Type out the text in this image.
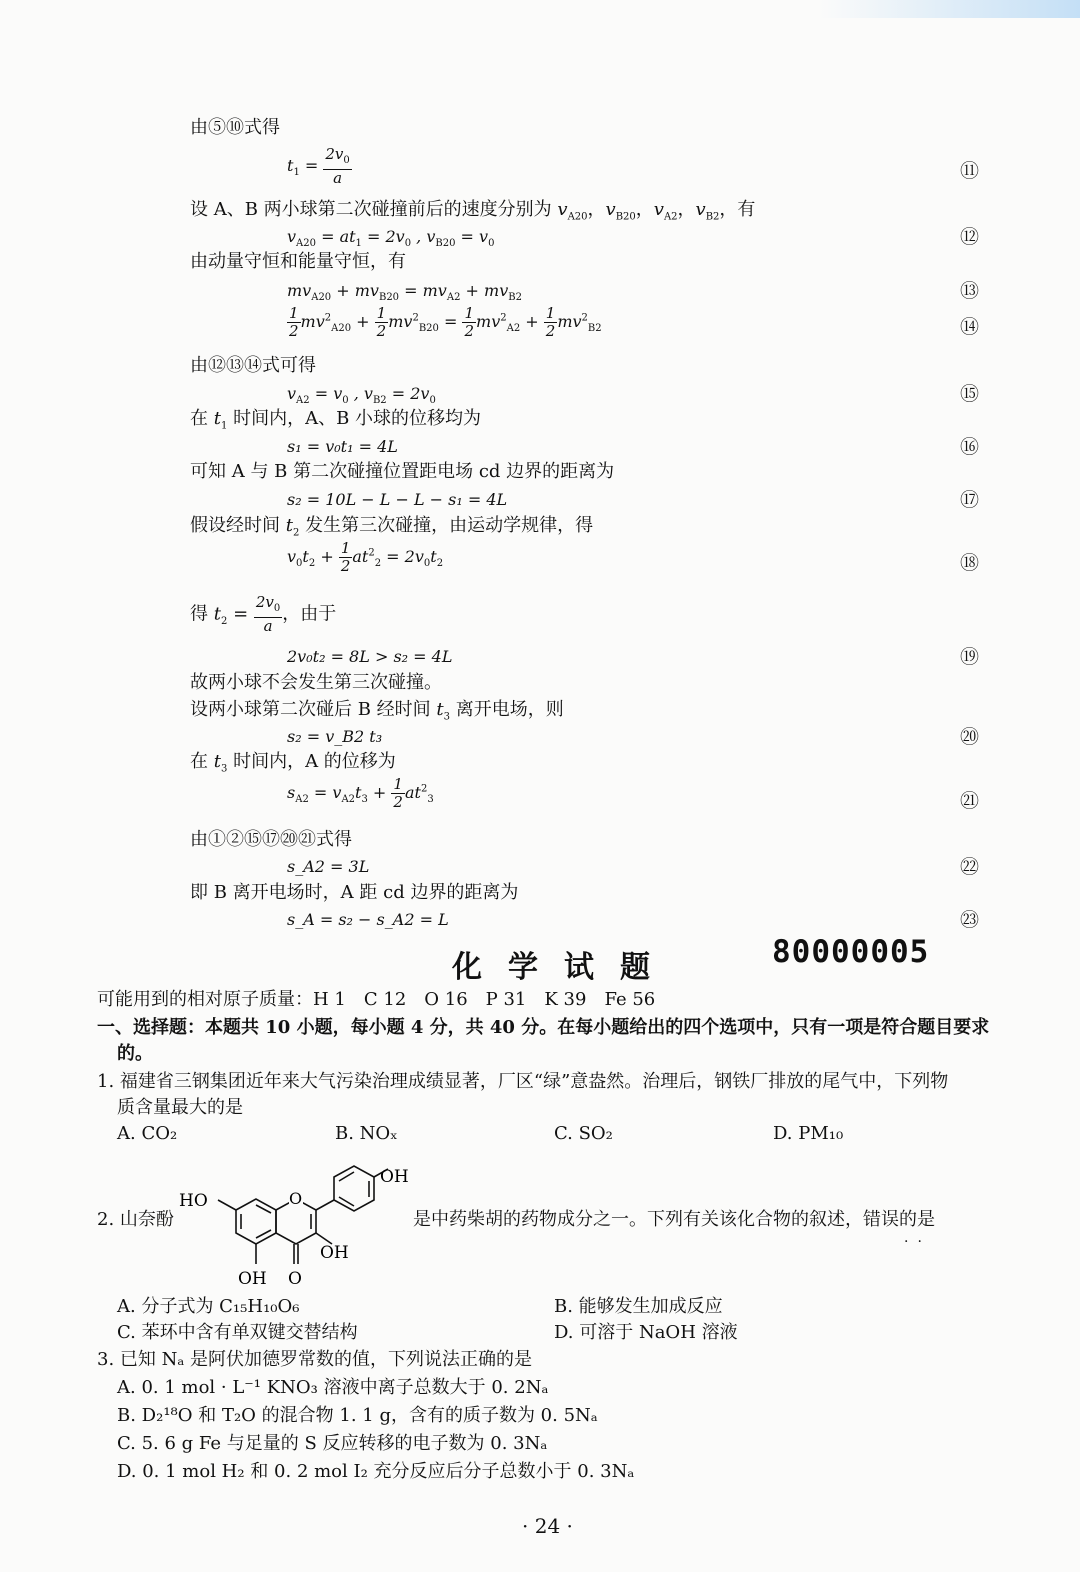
由⑤⑩式得
$t_1 = \frac{2v_0}{a}$	⑪
设 A、B 两小球第二次碰撞前后的速度分别为 $v_{A20}$，$v_{B20}$，$v_{A2}$，$v_{B2}$，有
$v_{A20} = at_1 = 2v_0$ , $v_{B20} = v_0$	⑫
由动量守恒和能量守恒，有
$mv_{A20} + mv_{B20} = mv_{A2} + mv_{B2}$	⑬
$\frac{1}{2} mv^2_{A20} + \frac{1}{2} mv^2_{B20} = \frac{1}{2} mv^2_{A2} + \frac{1}{2} mv^2_{B2}$	⑭
由⑫⑬⑭式可得
$v_{A2} = v_0$ , $v_{B2} = 2v_0$	⑮
在 $t_1$ 时间内，A、B 小球的位移均为
s₁ = v₀t₁ = 4L	⑯
可知 A 与 B 第二次碰撞位置距电场 cd 边界的距离为
s₂ = 10L − L − L − s₁ = 4L	⑰
假设经时间 $t_2$ 发生第三次碰撞，由运动学规律，得
$v_0t_2 + \frac{1}{2} at^2_2 = 2v_0t_2$	⑱
得 $t_2 = \frac{2v_0}{a}$ ，由于
2v₀t₂ = 8L > s₂ = 4L	⑲
故两小球不会发生第三次碰撞。
设两小球第二次碰后 B 经时间 $t_3$ 离开电场，则
s₂ = v_B2 t₃	⑳
在 $t_3$ 时间内，A 的位移为
$s_{A2} = v_{A2}t_3 + \frac{1}{2} at^2_3$	㉑
由①②⑮⑰⑳㉑式得
s_A2 = 3L	㉒
即 B 离开电场时，A 距 cd 边界的距离为
s_A = s₂ − s_A2 = L	㉓
化学试题	80000005
可能用到的相对原子质量：H 1　C 12　O 16　P 31　K 39　Fe 56
一、选择题：本题共 10 小题，每小题 4 分，共 40 分。在每小题给出的四个选项中，只有一项是符合题目要求
的。
1. 福建省三钢集团近年来大气污染治理成绩显著，厂区“绿”意盎然。治理后，钢铁厂排放的尾气中，下列物
质含量最大的是
A. CO₂	B. NOₓ	C. SO₂	D. PM₁₀
2. 山奈酚
O
HO
OH
OH
OH O
是中药柴胡的药物成分之一。下列有关该化合物的叙述，错误的是
··
A. 分子式为 C₁₅H₁₀O₆	B. 能够发生加成反应
C. 苯环中含有单双键交替结构	D. 可溶于 NaOH 溶液
3. 已知 Nₐ 是阿伏加德罗常数的值，下列说法正确的是
A. 0. 1 mol · L⁻¹ KNO₃ 溶液中离子总数大于 0. 2Nₐ
B. D₂¹⁸O 和 T₂O 的混合物 1. 1 g，含有的质子数为 0. 5Nₐ
C. 5. 6 g Fe 与足量的 S 反应转移的电子数为 0. 3Nₐ
D. 0. 1 mol H₂ 和 0. 2 mol I₂ 充分反应后分子总数小于 0. 3Nₐ
· 24 ·
